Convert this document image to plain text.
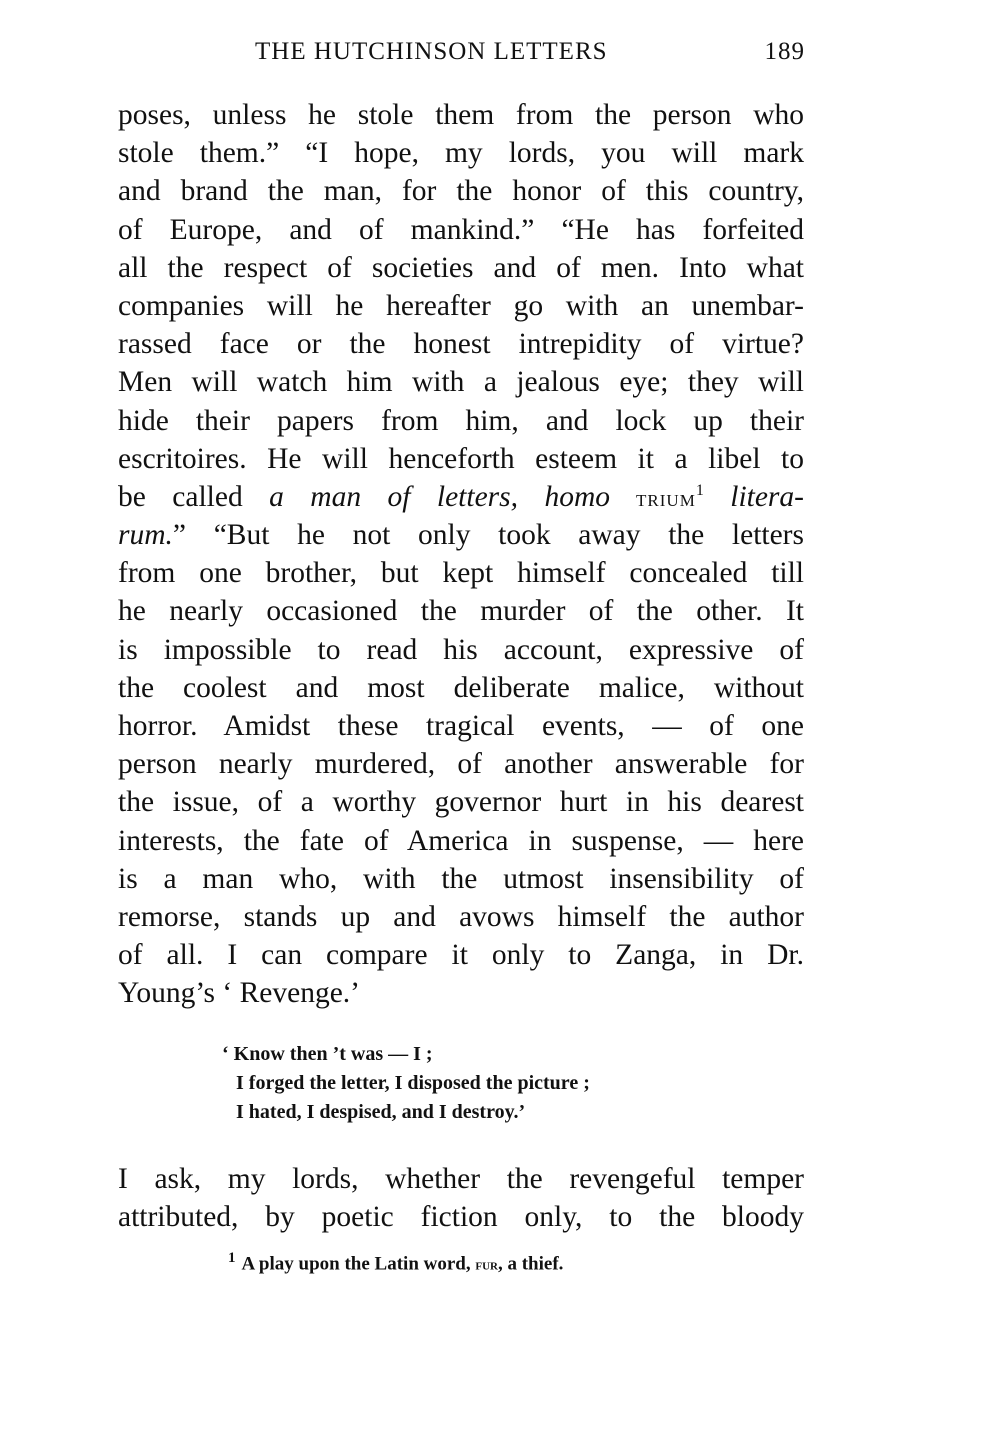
THE HUTCHINSON LETTERS	189
poses, unless he stole them from the person who
stole them.” “I hope, my lords, you will mark
and brand the man, for the honor of this country,
of Europe, and of mankind.” “He has forfeited
all the respect of societies and of men. Into what
companies will he hereafter go with an unembar-
rassed face or the honest intrepidity of virtue?
Men will watch him with a jealous eye; they will
hide their papers from him, and lock up their
escritoires. He will henceforth esteem it a libel to
be called a man of letters, homo trium$^1$ litera-
rum.” “But he not only took away the letters
from one brother, but kept himself concealed till
he nearly occasioned the murder of the other. It
is impossible to read his account, expressive of
the coolest and most deliberate malice, without
horror. Amidst these tragical events, — of one
person nearly murdered, of another answerable for
the issue, of a worthy governor hurt in his dearest
interests, the fate of America in suspense, — here
is a man who, with the utmost insensibility of
remorse, stands up and avows himself the author
of all. I can compare it only to Zanga, in Dr.
Young’s ‘ Revenge.’
‘ Know then ’t was — I ;
I forged the letter, I disposed the picture ;
I hated, I despised, and I destroy.’
I ask, my lords, whether the revengeful temper
attributed, by poetic fiction only, to the bloody
$^1$ A play upon the Latin word, fur, a thief.
